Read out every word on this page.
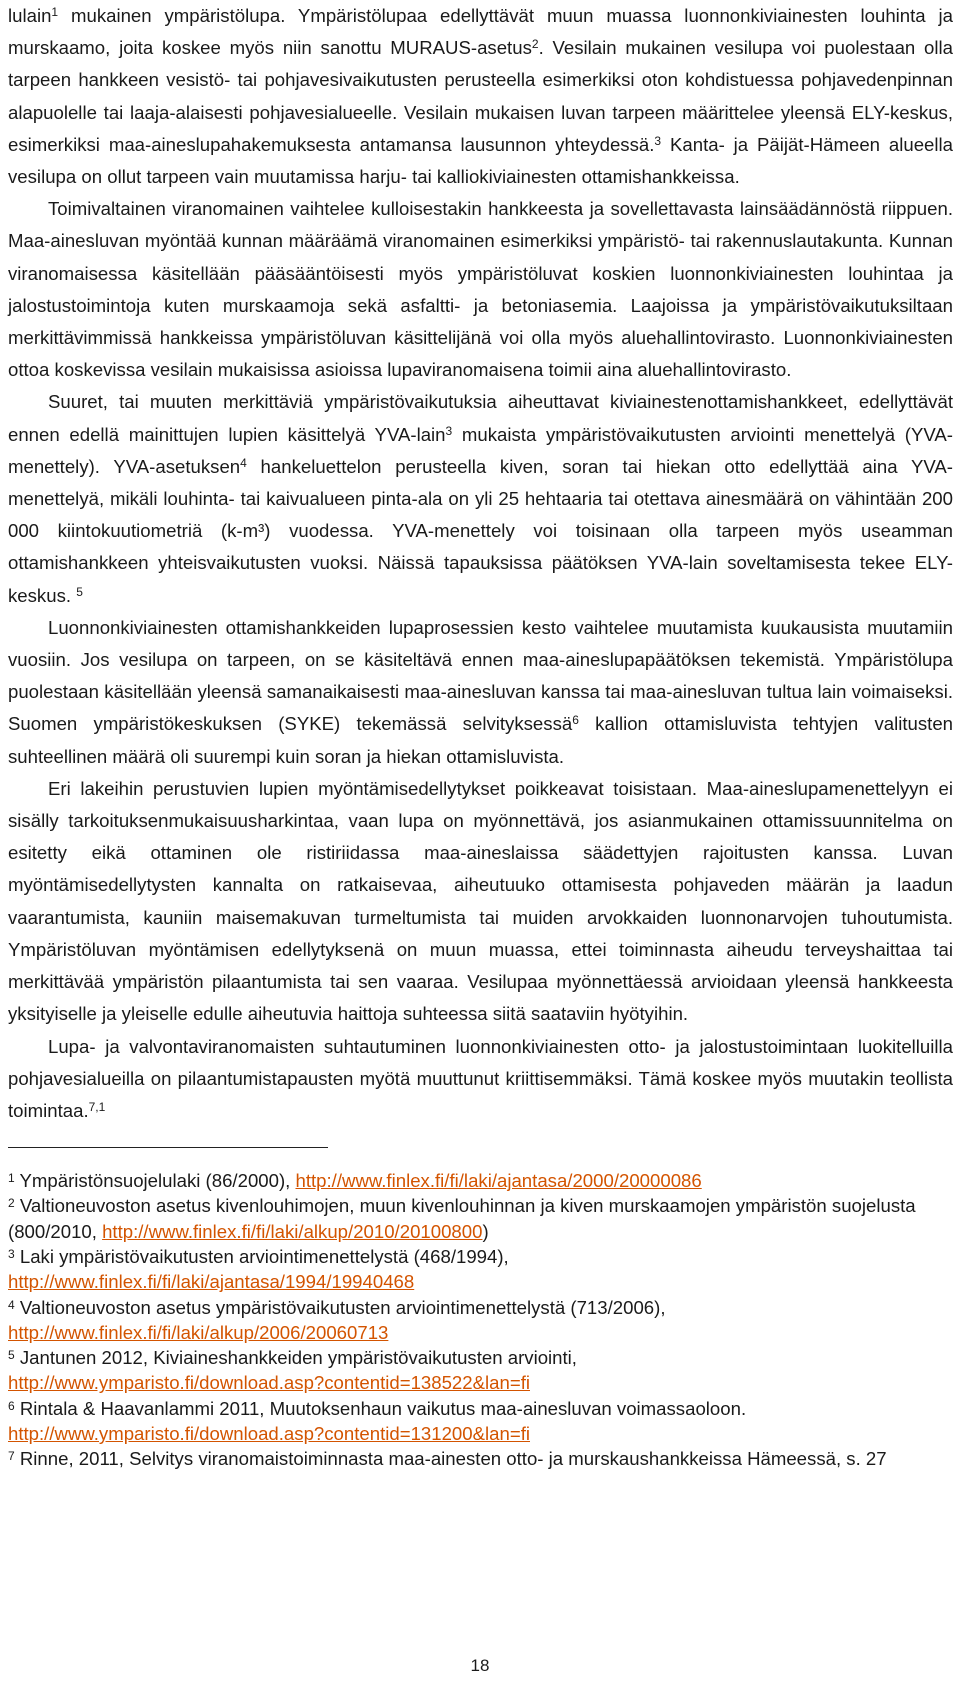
lulain$^1$ mukainen ympäristölupa. Ympäristölupaa edellyttävät muun muassa luonnonkiviainesten louhinta ja murskaamo, joita koskee myös niin sanottu MURAUS-asetus$^2$. Vesilain mukainen vesilupa voi puolestaan olla tarpeen hankkeen vesistö- tai pohjavesivaikutusten perusteella esimerkiksi oton kohdistuessa pohjavedenpinnan alapuolelle tai laaja-alaisesti pohjavesialueelle. Vesilain mukaisen luvan tarpeen määrittelee yleensä ELY-keskus, esimerkiksi maa-aineslupahakemuksesta antamansa lausunnon yhteydessä.$^3$ Kanta- ja Päijät-Hämeen alueella vesilupa on ollut tarpeen vain muutamissa harju- tai kalliokiviainesten ottamishankkeissa.

Toimivaltainen viranomainen vaihtelee kulloisestakin hankkeesta ja sovellettavasta lainsäädännöstä riippuen. Maa-ainesluvan myöntää kunnan määräämä viranomainen esimerkiksi ympäristö- tai rakennuslautakunta. Kunnan viranomaisessa käsitellään pääsääntöisesti myös ympäristöluvat koskien luonnonkiviainesten louhintaa ja jalostustoimintoja kuten murskaamoja sekä asfaltti- ja betoniasemia. Laajoissa ja ympäristövaikutuksiltaan merkittävimmissä hankkeissa ympäristöluvan käsittelijänä voi olla myös aluehallintovirasto. Luonnonkiviainesten ottoa koskevissa vesilain mukaisissa asioissa lupaviranomaisena toimii aina aluehallintovirasto.

Suuret, tai muuten merkittäviä ympäristövaikutuksia aiheuttavat kiviainestenottamishankkeet, edellyttävät ennen edellä mainittujen lupien käsittelyä YVA-lain$^3$ mukaista ympäristövaikutusten arviointi menettelyä (YVA-menettely). YVA-asetuksen$^4$ hankeluettelon perusteella kiven, soran tai hiekan otto edellyttää aina YVA-menettelyä, mikäli louhinta- tai kaivualueen pinta-ala on yli 25 hehtaaria tai otettava ainesmäärä on vähintään 200 000 kiintokuutiometriä (k-m³) vuodessa. YVA-menettely voi toisinaan olla tarpeen myös useamman ottamishankkeen yhteisvaikutusten vuoksi. Näissä tapauksissa päätöksen YVA-lain soveltamisesta tekee ELY-keskus. $^5$

Luonnonkiviainesten ottamishankkeiden lupaprosessien kesto vaihtelee muutamista kuukausista muutamiin vuosiin. Jos vesilupa on tarpeen, on se käsiteltävä ennen maa-aineslupapäätöksen tekemistä. Ympäristölupa puolestaan käsitellään yleensä samanaikaisesti maa-ainesluvan kanssa tai maa-ainesluvan tultua lain voimaiseksi. Suomen ympäristökeskuksen (SYKE) tekemässä selvityksessä$^6$ kallion ottamisluvista tehtyjen valitusten suhteellinen määrä oli suurempi kuin soran ja hiekan ottamisluvista.

Eri lakeihin perustuvien lupien myöntämisedellytykset poikkeavat toisistaan. Maa-aineslupamenettelyyn ei sisälly tarkoituksenmukaisuusharkintaa, vaan lupa on myönnettävä, jos asianmukainen ottamissuunnitelma on esitetty eikä ottaminen ole ristiriidassa maa-aineslaissa säädettyjen rajoitusten kanssa. Luvan myöntämisedellytysten kannalta on ratkaisevaa, aiheutuuko ottamisesta pohjaveden määrän ja laadun vaarantumista, kauniin maisemakuvan turmeltumista tai muiden arvokkaiden luonnonarvojen tuhoutumista. Ympäristöluvan myöntämisen edellytyksenä on muun muassa, ettei toiminnasta aiheudu terveyshaittaa tai merkittävää ympäristön pilaantumista tai sen vaaraa. Vesilupaa myönnettäessä arvioidaan yleensä hankkeesta yksityiselle ja yleiselle edulle aiheutuvia haittoja suhteessa siitä saataviin hyötyihin.

Lupa- ja valvontaviranomaisten suhtautuminen luonnonkiviainesten otto- ja jalostustoimintaan luokitelluilla pohjavesialueilla on pilaantumistapausten myötä muuttunut kriittisemmäksi. Tämä koskee myös muutakin teollista toimintaa.$^{7,1}$

$^1$ Ympäristönsuojelulaki (86/2000), http://www.finlex.fi/fi/laki/ajantasa/2000/20000086

$^2$ Valtioneuvoston asetus kivenlouhimojen, muun kivenlouhinnan ja kiven murskaamojen ympäristön suojelusta (800/2010, http://www.finlex.fi/fi/laki/alkup/2010/20100800)

$^3$ Laki ympäristövaikutusten arviointimenettelystä (468/1994),
http://www.finlex.fi/fi/laki/ajantasa/1994/19940468

$^4$ Valtioneuvoston asetus ympäristövaikutusten arviointimenettelystä (713/2006),
http://www.finlex.fi/fi/laki/alkup/2006/20060713

$^5$ Jantunen 2012, Kiviaineshankkeiden ympäristövaikutusten arviointi,
http://www.ymparisto.fi/download.asp?contentid=138522&lan=fi

$^6$ Rintala & Haavanlammi 2011, Muutoksenhaun vaikutus maa-ainesluvan voimassaoloon.
http://www.ymparisto.fi/download.asp?contentid=131200&lan=fi

$^7$ Rinne, 2011, Selvitys viranomaistoiminnasta maa-ainesten otto- ja murskaushankkeissa Hämeessä, s. 27

18
